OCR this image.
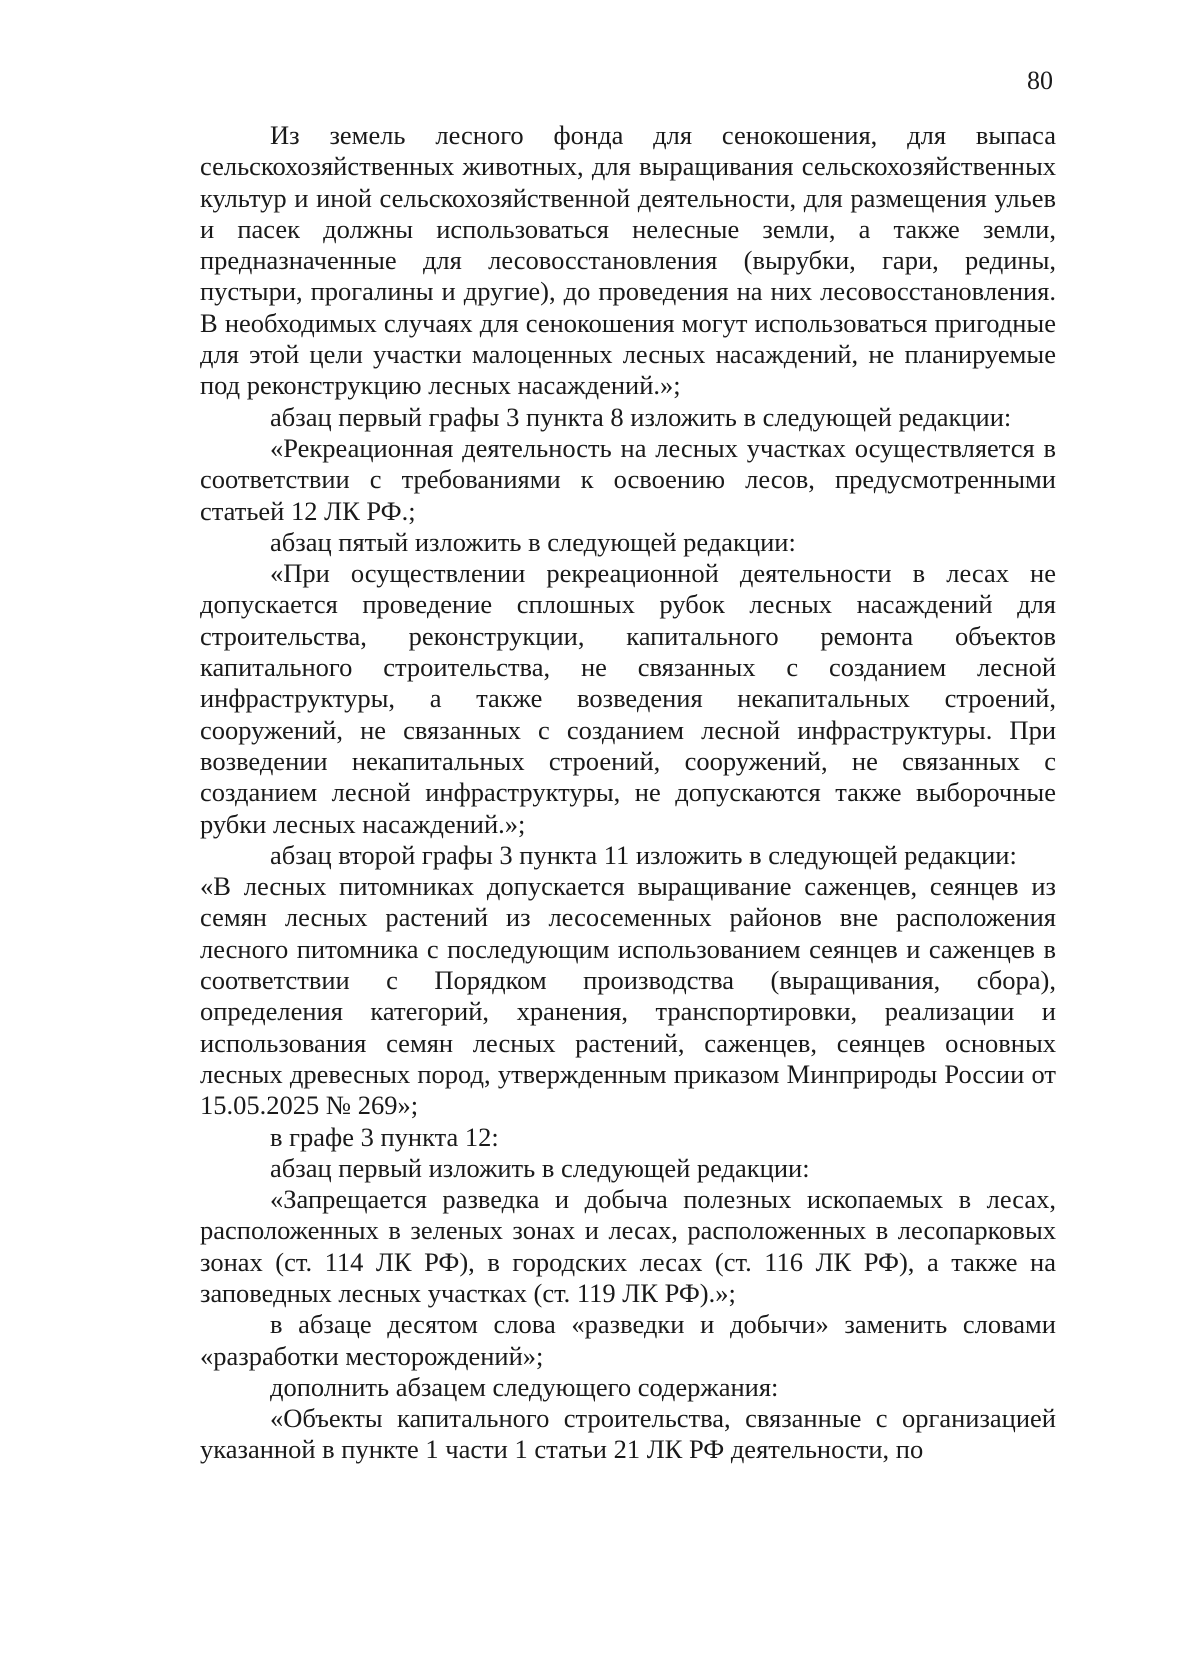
80

Из земель лесного фонда для сенокошения, для выпаса сельскохозяйственных животных, для выращивания сельскохозяйственных культур и иной сельскохозяйственной деятельности, для размещения ульев и пасек должны использоваться нелесные земли, а также земли, предназначенные для лесовосстановления (вырубки, гари, редины, пустыри, прогалины и другие), до проведения на них лесовосстановления. В необходимых случаях для сенокошения могут использоваться пригодные для этой цели участки малоценных лесных насаждений, не планируемые под реконструкцию лесных насаждений.»;

абзац первый графы 3 пункта 8 изложить в следующей редакции:

«Рекреационная деятельность на лесных участках осуществляется в соответствии с требованиями к освоению лесов, предусмотренными статьей 12 ЛК РФ.;

абзац пятый изложить в следующей редакции:

«При осуществлении рекреационной деятельности в лесах не допускается проведение сплошных рубок лесных насаждений для строительства, реконструкции, капитального ремонта объектов капитального строительства, не связанных с созданием лесной инфраструктуры, а также возведения некапитальных строений, сооружений, не связанных с созданием лесной инфраструктуры. При возведении некапитальных строений, сооружений, не связанных с созданием лесной инфраструктуры, не допускаются также выборочные рубки лесных насаждений.»;

абзац второй графы 3 пункта 11 изложить в следующей редакции:

«В лесных питомниках допускается выращивание саженцев, сеянцев из семян лесных растений из лесосеменных районов вне расположения лесного питомника с последующим использованием сеянцев и саженцев в соответствии с Порядком производства (выращивания, сбора), определения категорий, хранения, транспортировки, реализации и использования семян лесных растений, саженцев, сеянцев основных лесных древесных пород, утвержденным приказом Минприроды России от 15.05.2025 № 269»;

в графе 3 пункта 12:

абзац первый изложить в следующей редакции:

«Запрещается разведка и добыча полезных ископаемых в лесах, расположенных в зеленых зонах и лесах, расположенных в лесопарковых зонах (ст. 114 ЛК РФ), в городских лесах (ст. 116 ЛК РФ), а также на заповедных лесных участках (ст. 119 ЛК РФ).»;

в абзаце десятом слова «разведки и добычи» заменить словами «разработки месторождений»;

дополнить абзацем следующего содержания:

«Объекты капитального строительства, связанные с организацией указанной в пункте 1 части 1 статьи 21 ЛК РФ деятельности, по
